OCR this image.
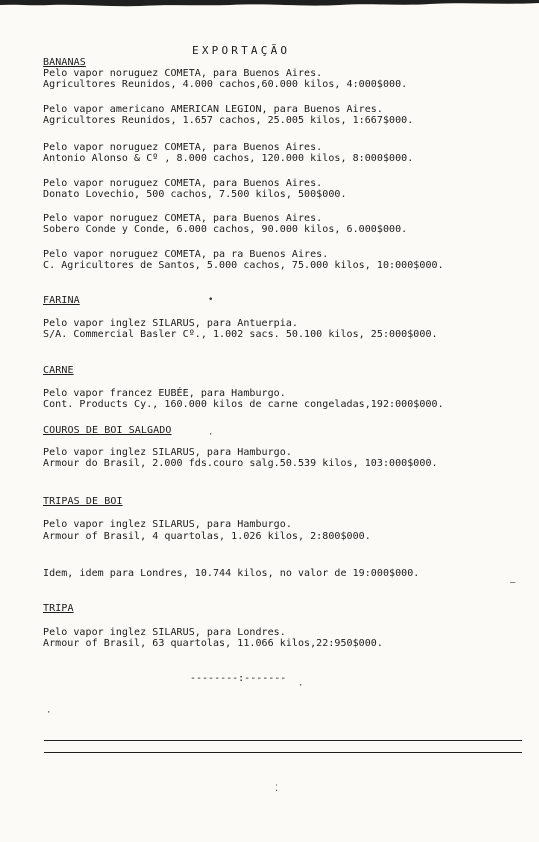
EXPORTAÇÃO
BANANAS
Pelo vapor noruguez COMETA, para Buenos Aires.
Agricultores Reunidos, 4.000 cachos,60.000 kilos, 4:000$000.
Pelo vapor americano AMERICAN LEGION, para Buenos Aires.
Agricultores Reunidos, 1.657 cachos, 25.005 kilos, 1:667$000.
Pelo vapor noruguez COMETA, para Buenos Aires.
Antonio Alonso & Cº , 8.000 cachos, 120.000 kilos, 8:000$000.
Pelo vapor noruguez COMETA, para Buenos Aires.
Donato Lovechio, 500 cachos, 7.500 kilos, 500$000.
Pelo vapor noruguez COMETA, para Buenos Aires.
Sobero Conde y Conde, 6.000 cachos, 90.000 kilos, 6.000$000.
Pelo vapor noruguez COMETA, pa ra Buenos Aires.
C. Agricultores de Santos, 5.000 cachos, 75.000 kilos, 10:000$000.
FARINA	•
Pelo vapor inglez SILARUS, para Antuerpia.
S/A. Commercial Basler Cº., 1.002 sacs. 50.100 kilos, 25:000$000.
CARNE
Pelo vapor francez EUBÉE, para Hamburgo.
Cont. Products Cy., 160.000 kilos de carne congeladas,192:000$000.
COUROS DE BOI SALGADO	·
Pelo vapor inglez SILARUS, para Hamburgo.
Armour do Brasil, 2.000 fds.couro salg.50.539 kilos, 103:000$000.
TRIPAS DE BOI
Pelo vapor inglez SILARUS, para Hamburgo.
Armour of Brasil, 4 quartolas, 1.026 kilos, 2:800$000.
Idem, idem para Londres, 10.744 kilos, no valor de 19:000$000.
—
TRIPA
Pelo vapor inglez SILARUS, para Londres.
Armour of Brasil, 63 quartolas, 11.066 kilos,22:950$000.
--------:-------
·
·
⁚
